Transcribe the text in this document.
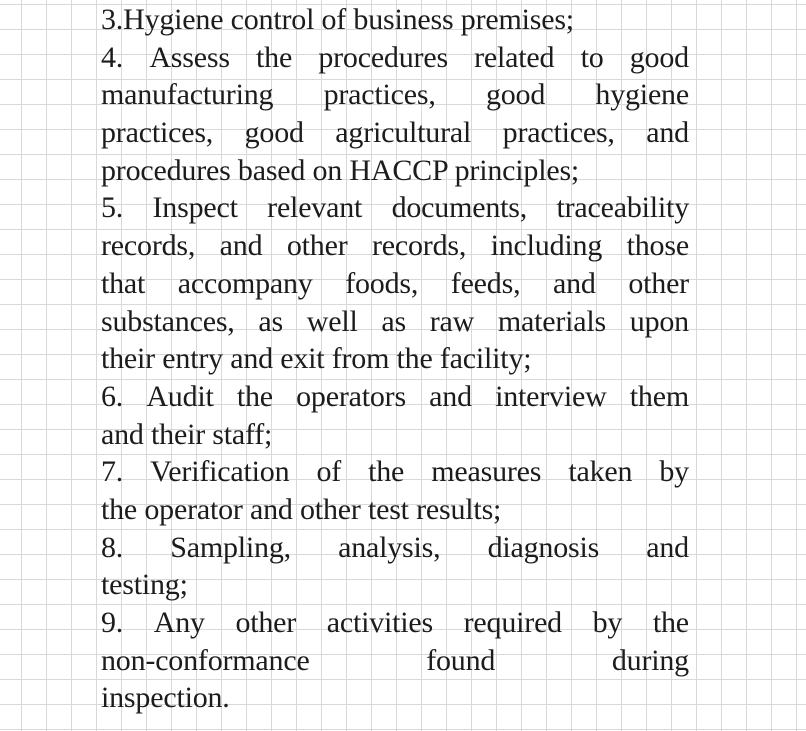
3.Hygiene control of business premises;
4. Assess the procedures related to good
manufacturing practices, good hygiene
practices, good agricultural practices, and
procedures based on HACCP principles;
5. Inspect relevant documents, traceability
records, and other records, including those
that accompany foods, feeds, and other
substances, as well as raw materials upon
their entry and exit from the facility;
6. Audit the operators and interview them
and their staff;
7. Verification of the measures taken by
the operator and other test results;
8. Sampling, analysis, diagnosis and
testing;
9. Any other activities required by the
non-conformance	found	during
inspection.
